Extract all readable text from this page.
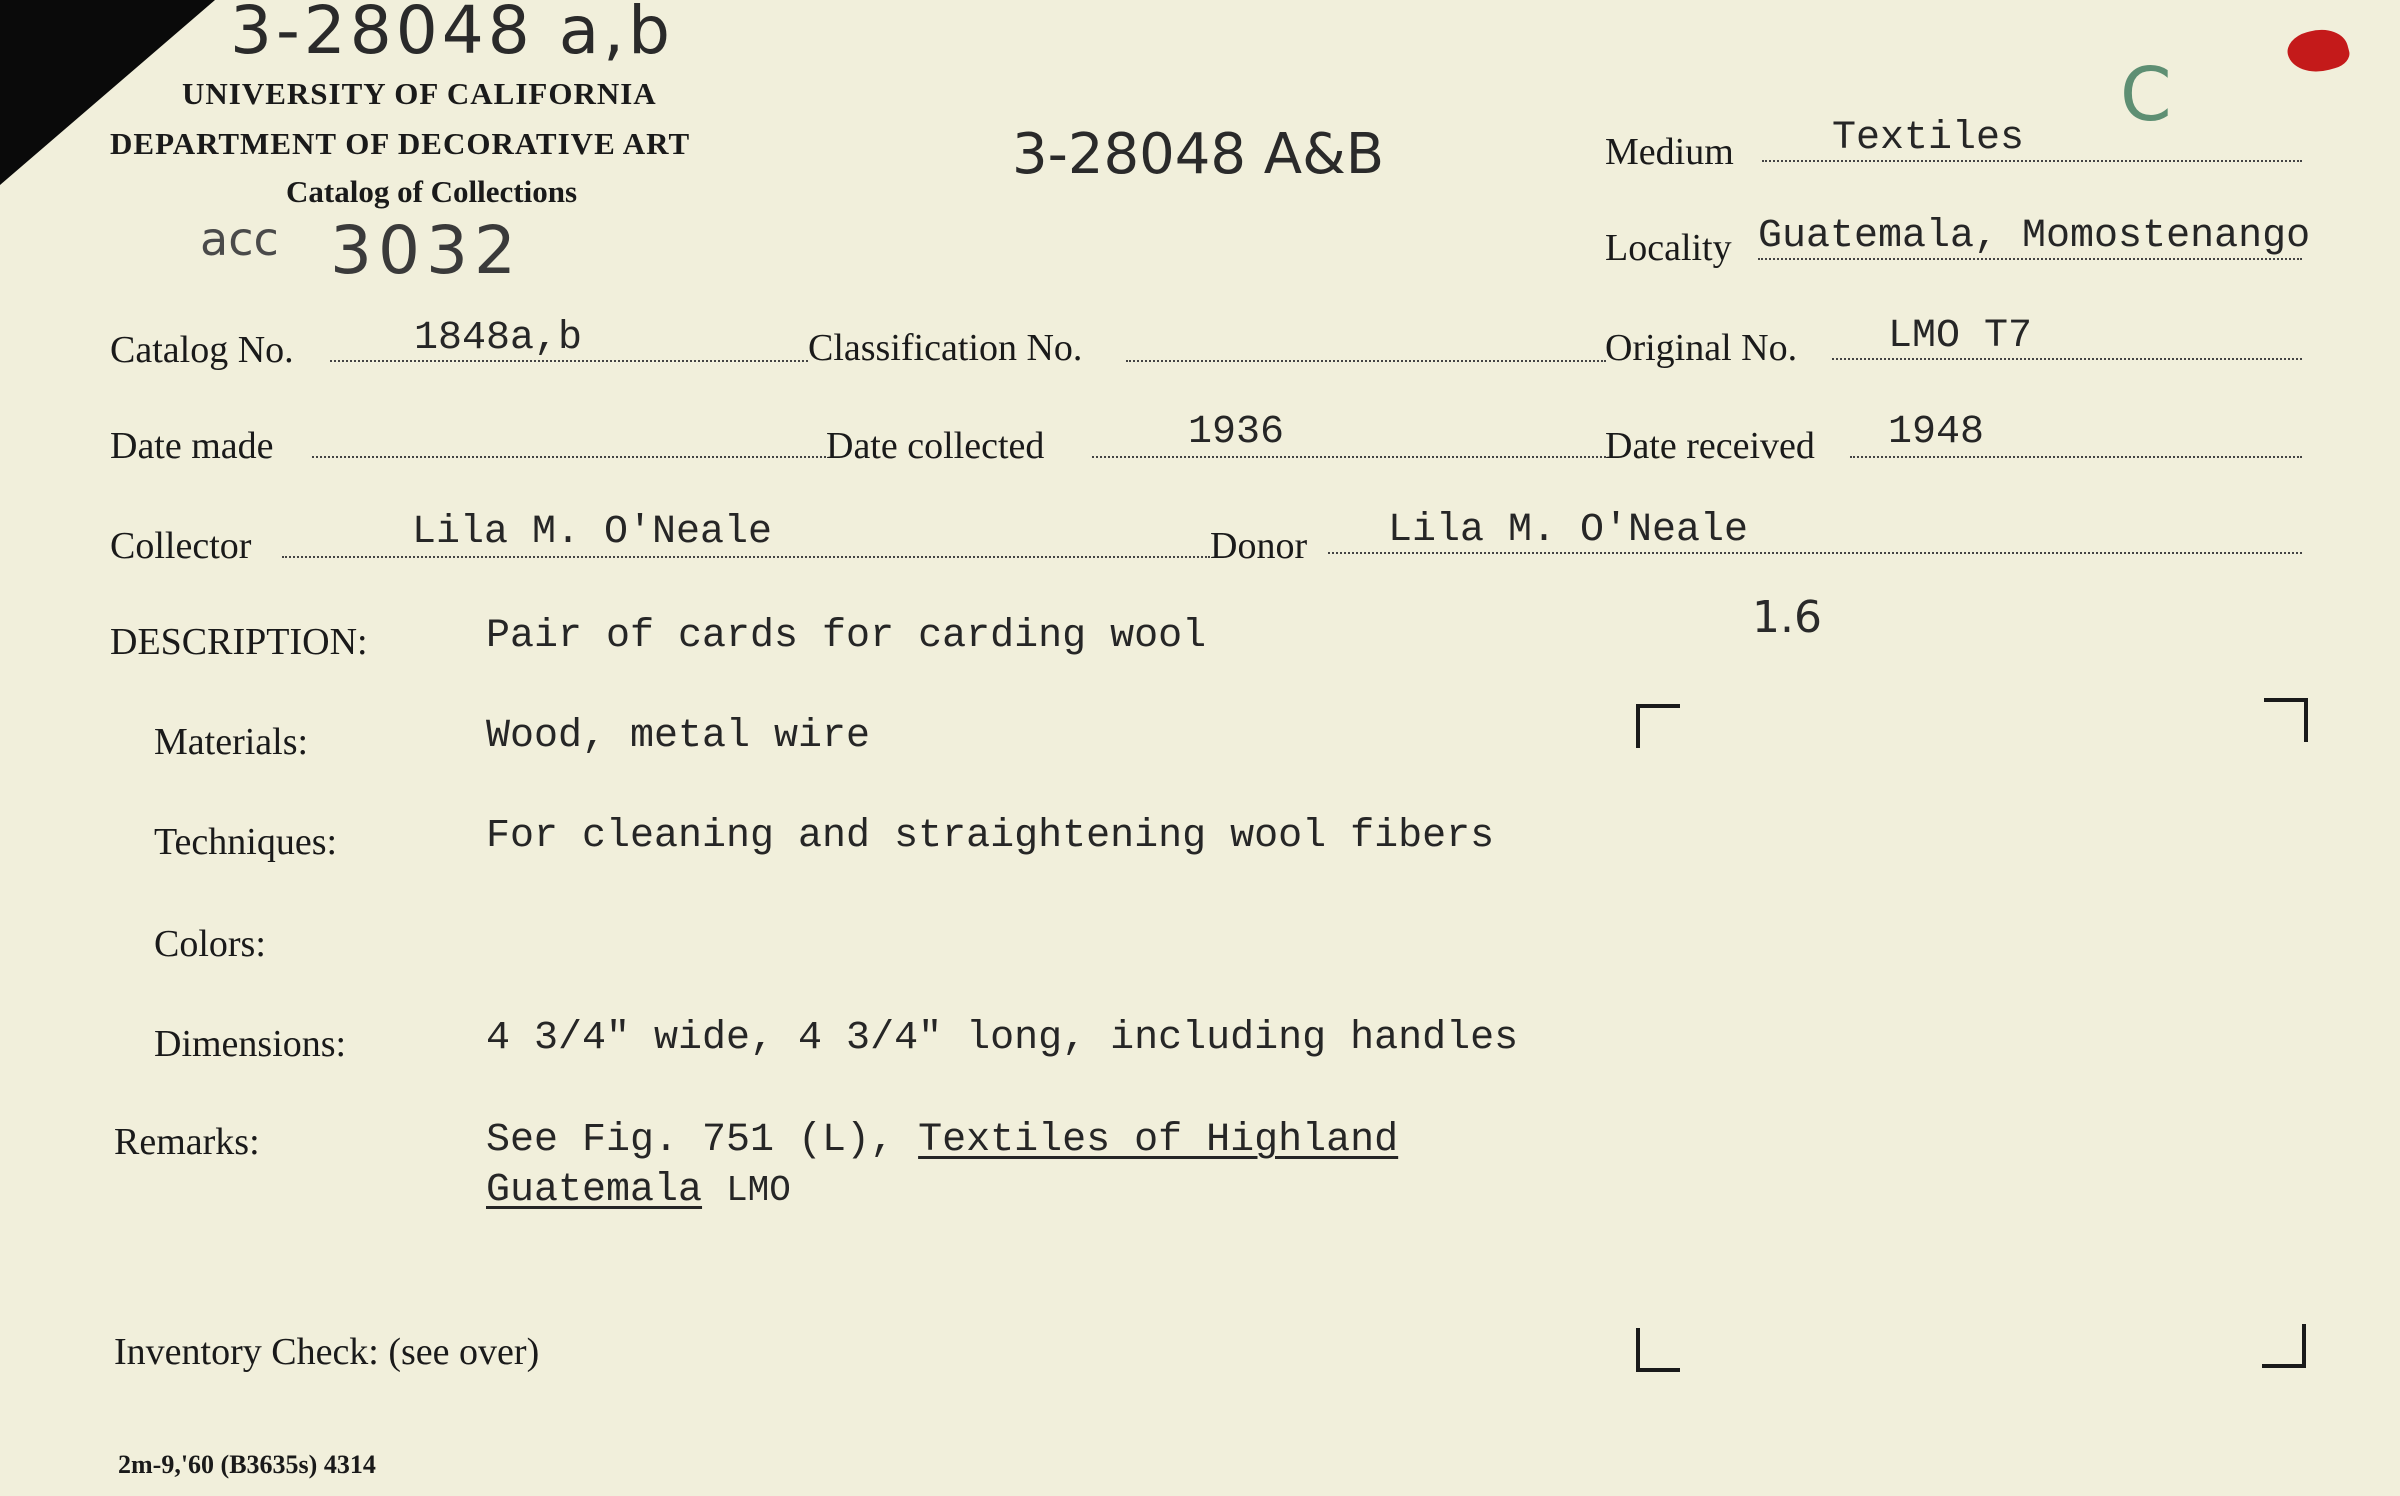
3-28048 a,b
3-28048 A&B
acc 3032
C
1.6
UNIVERSITY OF CALIFORNIA
DEPARTMENT OF DECORATIVE ART
Catalog of Collections
Medium Textiles
Locality Guatemala, Momostenango
Catalog No.	1848a,b	Classification No.	Original No. LMO T7
Date made	Date collected	1936	Date received 1948
Collector	Lila M. O'Neale	Donor Lila M. O'Neale
DESCRIPTION:	Pair of cards for carding wool
Materials:	Wood, metal wire
Techniques:	For cleaning and straightening wool fibers
Colors:
Dimensions:	4 3/4" wide, 4 3/4" long, including handles
Remarks:	See Fig. 751 (L), Textiles of Highland
Guatemala LMO
Inventory Check: (see over)
2m-9,'60 (B3635s) 4314
